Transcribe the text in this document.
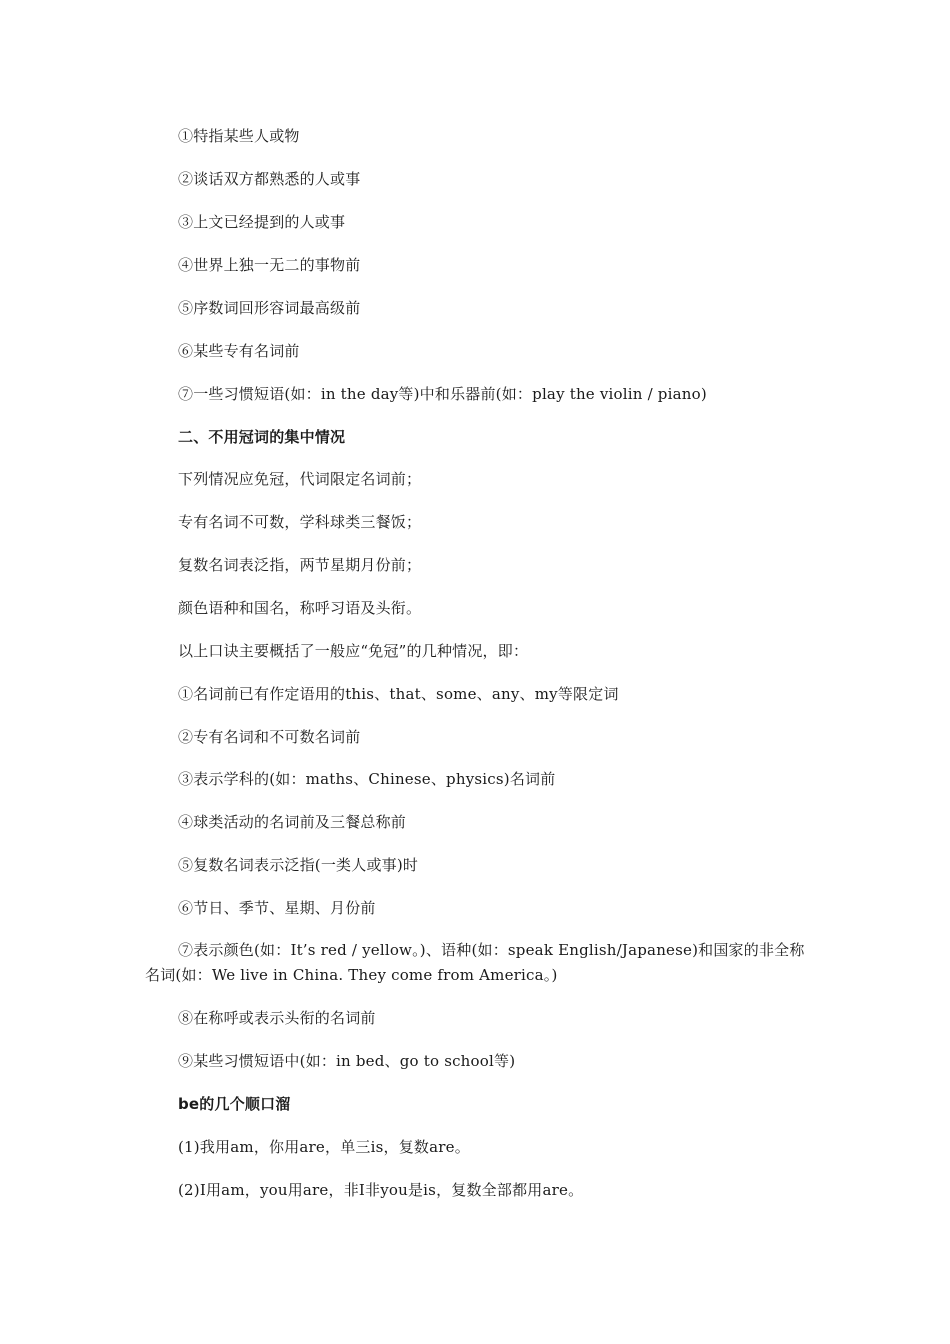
①特指某些人或物
②谈话双方都熟悉的人或事
③上文已经提到的人或事
④世界上独一无二的事物前
⑤序数词回形容词最高级前
⑥某些专有名词前
⑦一些习惯短语(如：in the day等)中和乐器前(如：play the violin / piano)
二、不用冠词的集中情况
下列情况应免冠，代词限定名词前；
专有名词不可数，学科球类三餐饭；
复数名词表泛指，两节星期月份前；
颜色语种和国名，称呼习语及头衔。
以上口诀主要概括了一般应“免冠”的几种情况，即：
①名词前已有作定语用的this、that、some、any、my等限定词
②专有名词和不可数名词前
③表示学科的(如：maths、Chinese、physics)名词前
④球类活动的名词前及三餐总称前
⑤复数名词表示泛指(一类人或事)时
⑥节日、季节、星期、月份前
⑦表示颜色(如：It’s red / yellow。)、语种(如：speak English/Japanese)和国家的非全称名词(如：We live in China. They come from America。)
⑧在称呼或表示头衔的名词前
⑨某些习惯短语中(如：in bed、go to school等)
be的几个顺口溜
(1)我用am，你用are，单三is，复数are。
(2)I用am，you用are，非I非you是is，复数全部都用are。
